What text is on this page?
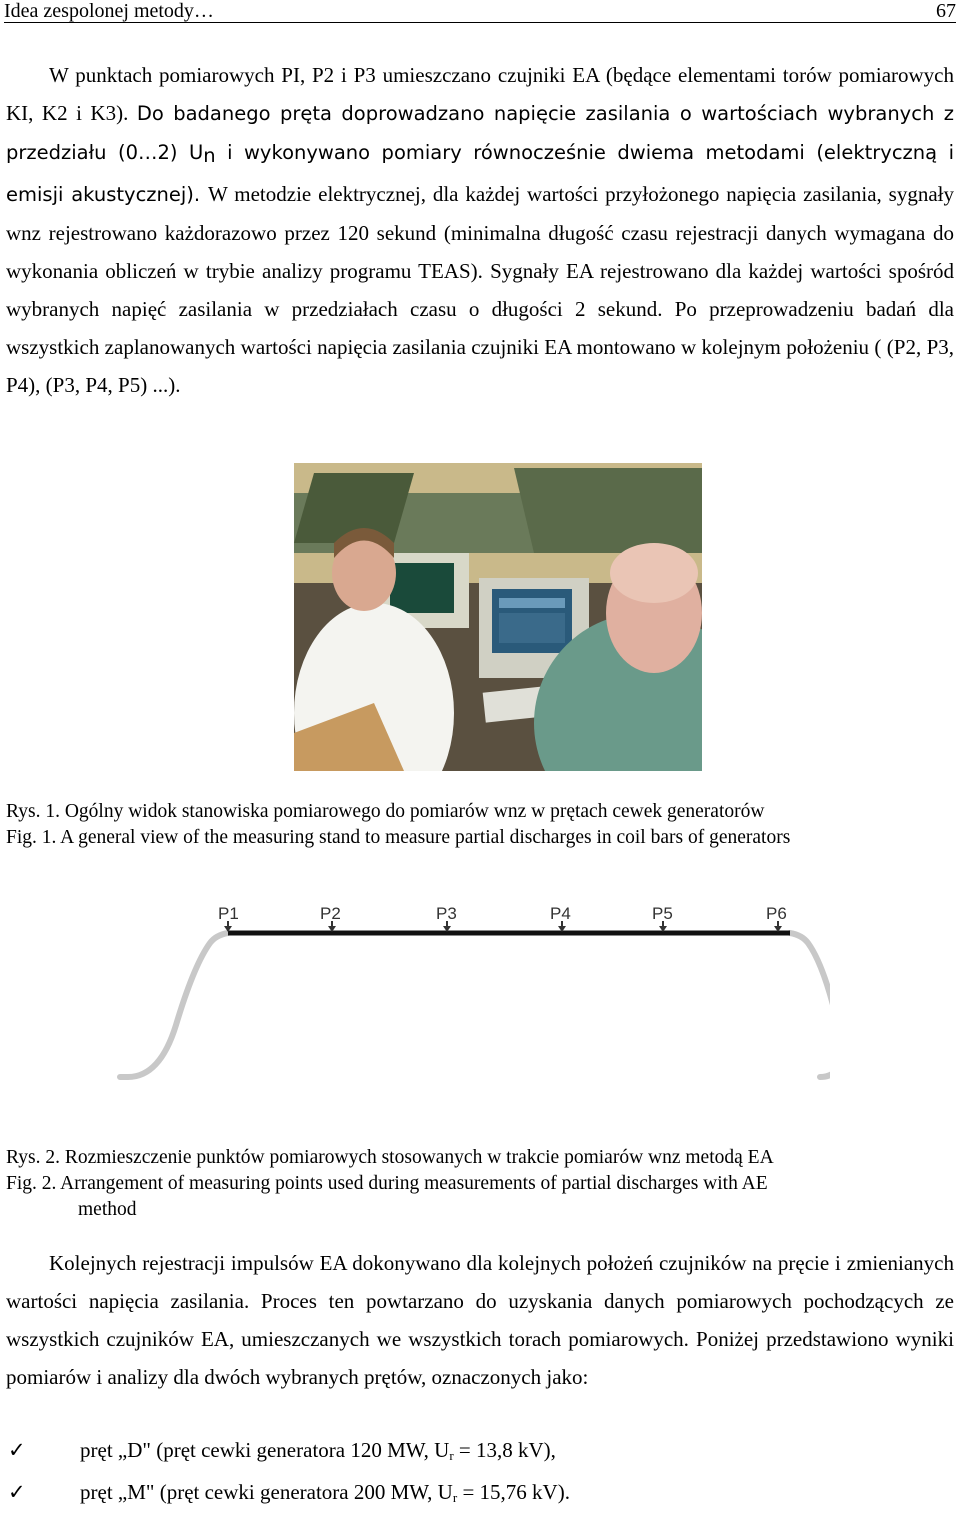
Idea zespolonej metody…	67

W punktach pomiarowych PI, P2 i P3 umieszczano czujniki EA (będące elementami torów pomiarowych KI, K2 i K3). Do badanego pręta doprowadzano napięcie zasilania o wartościach wybranych z przedziału (0…2) $U_n$ i wykonywano pomiary równocześnie dwiema metodami (elektryczną i emisji akustycznej). W metodzie elektrycznej, dla każdej wartości przyłożonego napięcia zasilania, sygnały wnz rejestrowano każdorazowo przez 120 sekund (minimalna długość czasu rejestracji danych wymagana do wykonania obliczeń w trybie analizy programu TEAS). Sygnały EA rejestrowano dla każdej wartości spośród wybranych napięć zasilania w przedziałach czasu o długości 2 sekund. Po przeprowadzeniu badań dla wszystkich zaplanowanych wartości napięcia zasilania czujniki EA montowano w kolejnym położeniu ( (P2, P3, P4), (P3, P4, P5) ...).

Rys. 1. Ogólny widok stanowiska pomiarowego do pomiarów wnz w prętach cewek generatorów
Fig. 1. A general view of the measuring stand to measure partial discharges in coil bars of generators
P1	P2	P3	P4	P5	P6
Rys. 2. Rozmieszczenie punktów pomiarowych stosowanych w trakcie pomiarów wnz metodą EA
Fig. 2. Arrangement of measuring points used during measurements of partial discharges with AE
method

Kolejnych rejestracji impulsów EA dokonywano dla kolejnych położeń czujników na pręcie i zmienianych wartości napięcia zasilania. Proces ten powtarzano do uzyskania danych pomiarowych pochodzących ze wszystkich czujników EA, umieszczanych we wszystkich torach pomiarowych. Poniżej przedstawiono wyniki pomiarów i analizy dla dwóch wybranych prętów, oznaczonych jako:

✓	pręt „D" (pręt cewki generatora 120 MW, $U_r = 13,8$ kV),
✓	pręt „M" (pręt cewki generatora 200 MW, $U_r = 15,76$ kV).
